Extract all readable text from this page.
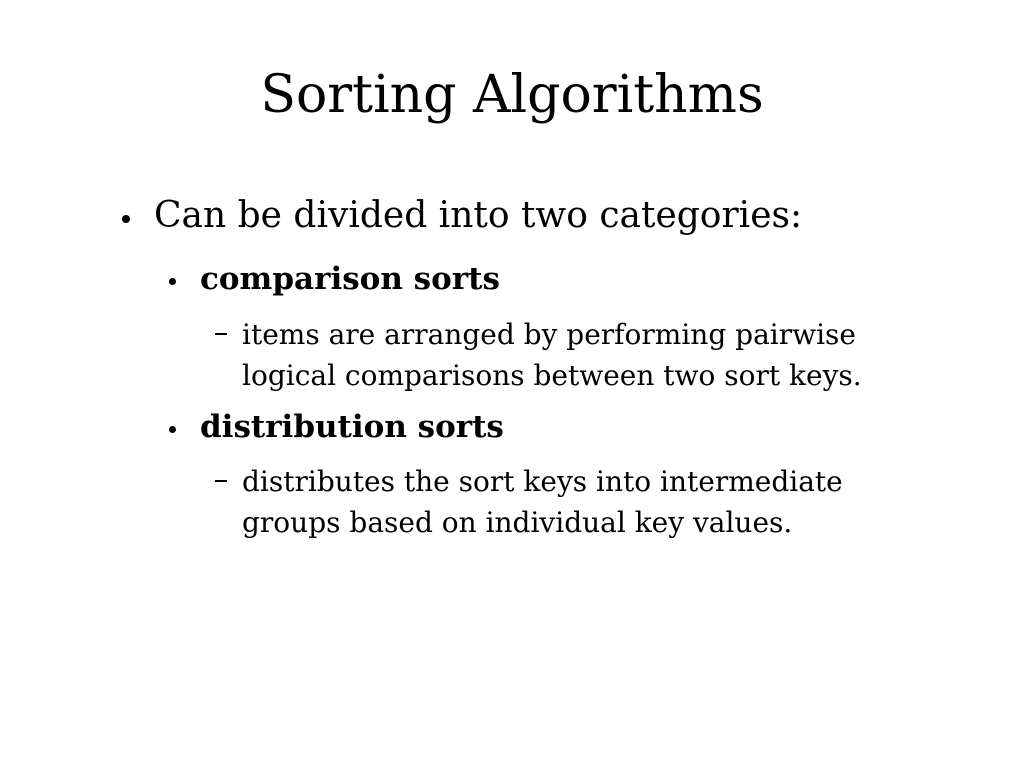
Sorting Algorithms
Can be divided into two categories:
comparison sorts
items are arranged by performing pairwise
logical comparisons between two sort keys.
distribution sorts
distributes the sort keys into intermediate
groups based on individual key values.
